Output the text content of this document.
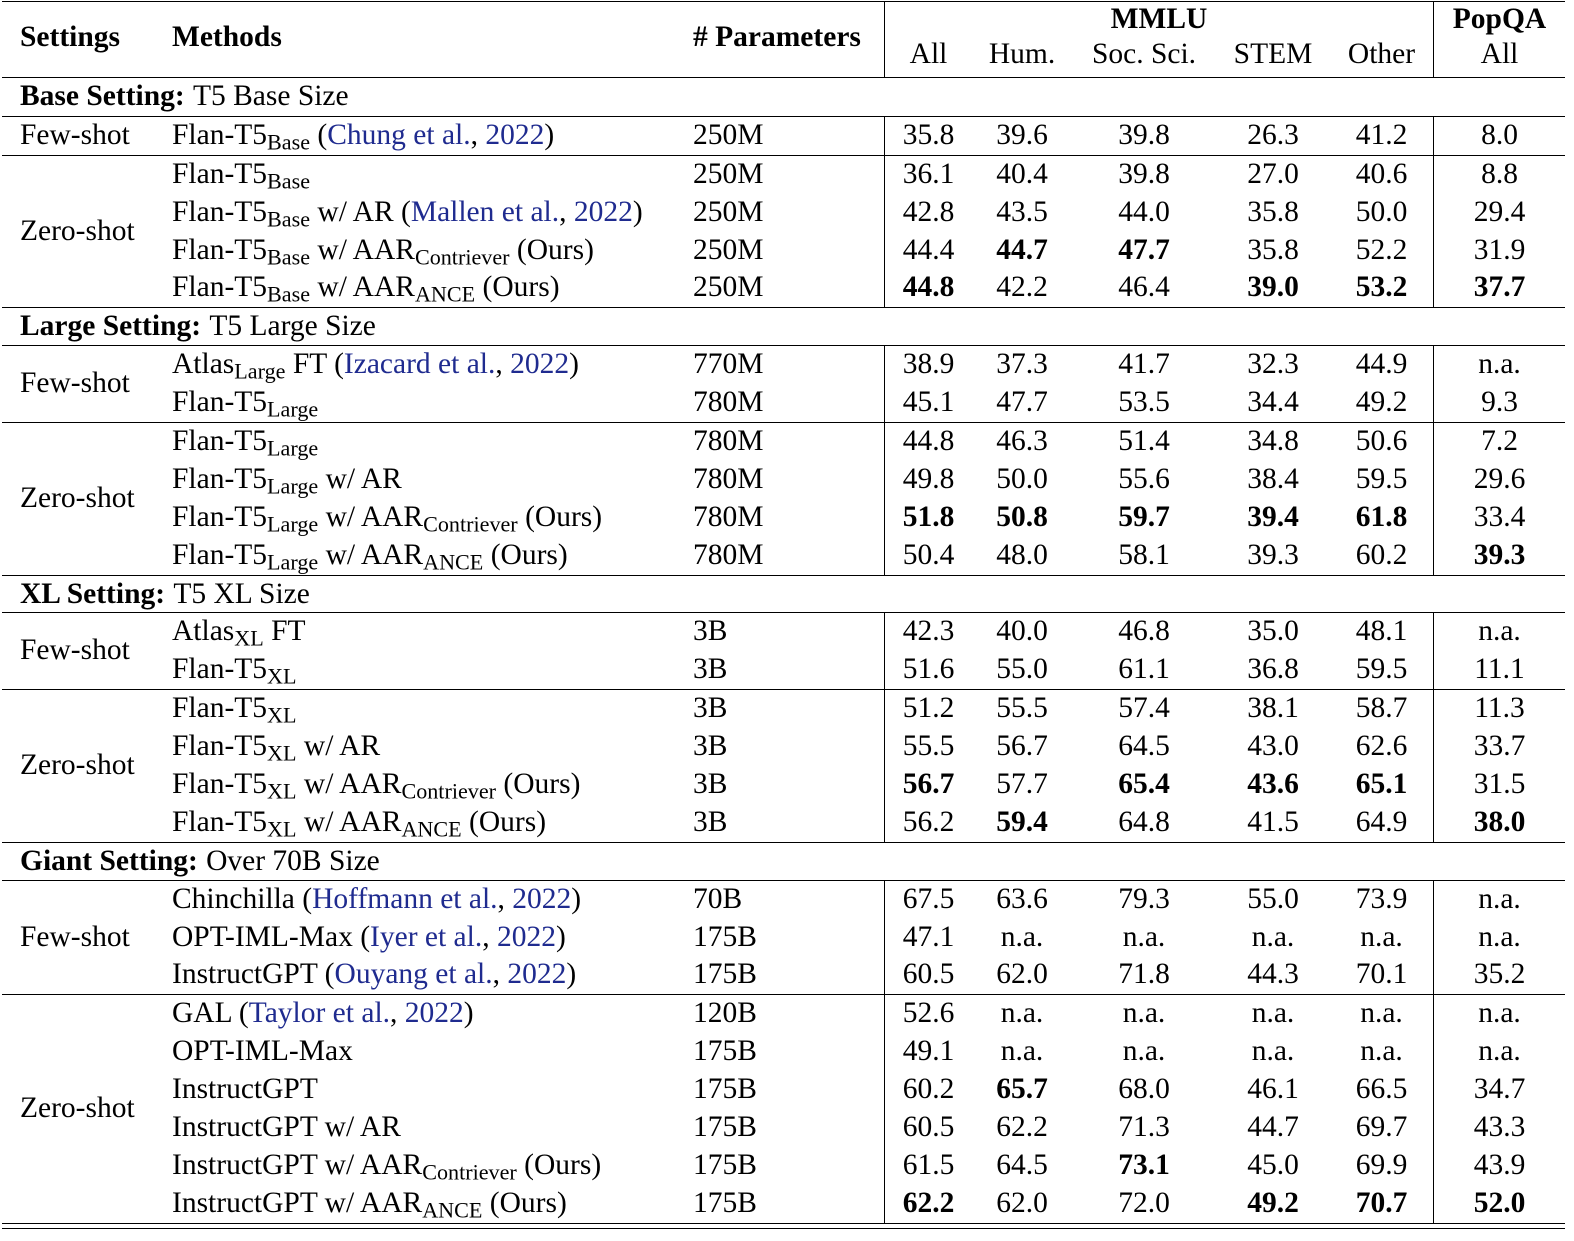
Settings	Methods	# Parameters
MMLU	PopQA
All	Hum.	Soc. Sci.	STEM	Other	All
Base Setting: T5 Base Size
Few-shot	Flan-$T5_{Base}$ (Chung et al., 2022)	250M	35.8	39.6	39.8	26.3	41.2	8.0
Zero-shot
Flan-$T5_{Base}$	250M	36.1	40.4	39.8	27.0	40.6	8.8
Flan-$T5_{Base}$ w/ AR (Mallen et al., 2022)	250M	42.8	43.5	44.0	35.8	50.0	29.4
Flan-$T5_{Base}$ w/ $AAR_{Contriever}$ (Ours)	250M	44.4	44.7	47.7	35.8	52.2	31.9
Flan-$T5_{Base}$ w/ $AAR_{ANCE}$ (Ours)	250M	44.8	42.2	46.4	39.0	53.2	37.7
Large Setting: T5 Large Size
Few-shot
Atlas$_{Large}$ FT (Izacard et al., 2022)	770M	38.9	37.3	41.7	32.3	44.9	n.a.
Flan-$T5_{Large}$	780M	45.1	47.7	53.5	34.4	49.2	9.3
Zero-shot
Flan-$T5_{Large}$	780M	44.8	46.3	51.4	34.8	50.6	7.2
Flan-$T5_{Large}$ w/ AR	780M	49.8	50.0	55.6	38.4	59.5	29.6
Flan-$T5_{Large}$ w/ $AAR_{Contriever}$ (Ours)	780M	51.8	50.8	59.7	39.4	61.8	33.4
Flan-$T5_{Large}$ w/ $AAR_{ANCE}$ (Ours)	780M	50.4	48.0	58.1	39.3	60.2	39.3
XL Setting: T5 XL Size
Few-shot
Atlas$_{XL}$ FT	3B	42.3	40.0	46.8	35.0	48.1	n.a.
Flan-$T5_{XL}$	3B	51.6	55.0	61.1	36.8	59.5	11.1
Zero-shot
Flan-$T5_{XL}$	3B	51.2	55.5	57.4	38.1	58.7	11.3
Flan-$T5_{XL}$ w/ AR	3B	55.5	56.7	64.5	43.0	62.6	33.7
Flan-$T5_{XL}$ w/ $AAR_{Contriever}$ (Ours)	3B	56.7	57.7	65.4	43.6	65.1	31.5
Flan-$T5_{XL}$ w/ $AAR_{ANCE}$ (Ours)	3B	56.2	59.4	64.8	41.5	64.9	38.0
Giant Setting: Over 70B Size
Few-shot
Chinchilla (Hoffmann et al., 2022)	70B	67.5	63.6	79.3	55.0	73.9	n.a.
OPT-IML-Max (Iyer et al., 2022)	175B	47.1	n.a.	n.a.	n.a.	n.a.	n.a.
InstructGPT (Ouyang et al., 2022)	175B	60.5	62.0	71.8	44.3	70.1	35.2
Zero-shot
GAL (Taylor et al., 2022)	120B	52.6	n.a.	n.a.	n.a.	n.a.	n.a.
OPT-IML-Max	175B	49.1	n.a.	n.a.	n.a.	n.a.	n.a.
InstructGPT	175B	60.2	65.7	68.0	46.1	66.5	34.7
InstructGPT w/ AR	175B	60.5	62.2	71.3	44.7	69.7	43.3
InstructGPT w/ $AAR_{Contriever}$ (Ours)	175B	61.5	64.5	73.1	45.0	69.9	43.9
InstructGPT w/ $AAR_{ANCE}$ (Ours)	175B	62.2	62.0	72.0	49.2	70.7	52.0
